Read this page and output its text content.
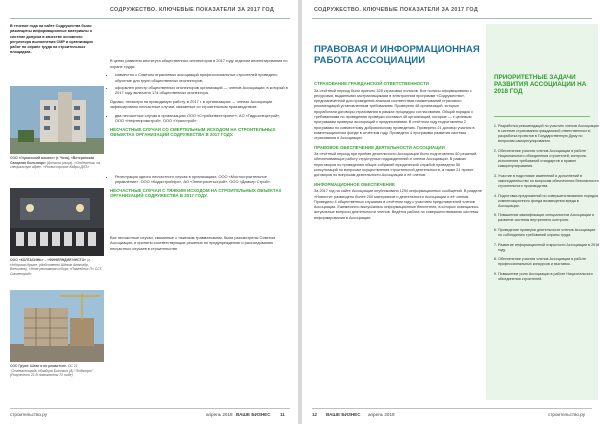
СОДРУЖЕСТВО. КЛЮЧЕВЫЕ ПОКАЗАТЕЛИ ЗА 2017 ГОД

В течение года на сайте Содружества были размещены информационные материалы о системе допуска в качестве основного регулятора выполнения СМР и организации работ по охране труда на строительных площадках.

СОО «Гермесский альянс» (г. Чита), «Ветеранская Сахарная Больница» (Ахтына улица). «Отделения, на специальную адрес: «Росвиссорское Кадры ДЛЗ»
ООО «КОЛГАСИНЬ» – «ФИНЛЯНДИЯ ИНСТО» (г. Ноборная Ирыне, удобственно Шёвом Алексадр, Внешнюю), «Нове рекламная осборь «Павлейнос П» ССТ, Смоленград»
СОС Групп: Штан и по ремаэтеле. ОС 21 "Стаемьтоцюдь обчайцов Бостаин (А) "Подносрт" (Ровунтеот 21 В помоглинны 72 лиде)

В целях развития института общественных инспекторов в 2017 году отделом инспектирования по охране труда:

• совместно с Советом отраслевых ассоциаций профессиональных строителей проведено обучение для групп общественных инспекторов;
• оформлен реестр общественных инспекторов организаций — членов Ассоциации, в который в 2017 году включено 174 общественных инспектора.

Однако, несмотря на проводимую работу, в 2017 г. в организациях — членах Ассоциации зафиксировано несчастные случаи, связанные со строительным производством:

• два несчастных случая в организациях ООО «Стройинвестпроект», АО «Гидроспецстрой», ООО «Нефтепромстрой», ООО «Уралстрой».
НЕСЧАСТНЫЕ СЛУЧАИ СО СМЕРТЕЛЬНЫМ ИСХОДОМ НА СТРОИТЕЛЬНЫХ ОБЪЕКТАХ ОРГАНИЗАЦИЙ СОДРУЖЕСТВА В 2017 ГОДУ.
• Регистрация одного несчастного случая в организациях: ООО «Мостостроительное управление», ООО «Кодыстройпро», АО «Электросетьстрой», ООО «Демьер Строй».
НЕСЧАСТНЫЕ СЛУЧАИ С ТЯЖКИМ ИСХОДОМ НА СТРОИТЕЛЬНЫХ ОБЪЕКТАХ ОРГАНИЗАЦИЙ СОДРУЖЕСТВА В 2017 ГОДУ.

Все несчастные случаи, связанные с тяжелым травматизмом, были рассмотрены Советом Ассоциации, и приняты соответствующие решения по предупреждению и расследованию несчастных случаев в строительстве.

строительство.ру	апрель 2018 ВАШЕ БИЗНЕС 11
СОДРУЖЕСТВО. КЛЮЧЕВЫЕ ПОКАЗАТЕЛИ ЗА 2017 ГОД
ПРАВОВАЯ И ИНФОРМАЦИОННАЯ РАБОТА АССОЦИАЦИИ
СТРАХОВАНИЕ ГРАЖДАНСКОЙ ОТВЕТСТВЕННОСТИ

За отчётный период было принято 328 страховых полисов. Все полисы сформированы с ресурсами, выданными застраховщиками в электронном программе «Содружество», предназначенной для проведения анализа соответствия наименований страхового рекомендаций установленным требованиям. Проверено 48 организаций, которые проработали договоры страхования в рамках процедуры согласования. Общий порядок с требованиями по проведению проверки составил 48 организаций, которые — с целевым программам проверки ассоциаций с предписаниями. В отчётном году подготовлены 2 программы по совместному добровольному проведению. Проверено 21 договор участия в компенсационном фонде в отчётном году. Проведено 4 программы развития системы страхования в Ассоциации.

ПРАВОВОЕ ОБЕСПЕЧЕНИЕ ДЕЯТЕЛЬНОСТИ АССОЦИАЦИИ

За отчётный период при приёме деятельности Ассоциации было подготовлено 60 решений, обеспечивающих работу структурных подразделений и членов Ассоциации. В рамках переговоров по проведению общих собраний юридической службой проведено 56 консультаций по вопросам осуществления строительной деятельности, а также 21 проект договоров по вопросам деятельности Ассоциации и её членов.

ИНФОРМАЦИОННОЕ ОБЕСПЕЧЕНИЕ

За 2017 год на сайте Ассоциации опубликовано 1200 информационных сообщений. В разделе «Новости» размещено более 200 материалов о деятельности Ассоциации и её членов. Проведено 4 общественных слушания в отчётном году с участием представителей членов Ассоциации. Ежемесячно выпускались информационные бюллетени, в которых освещались актуальные вопросы деятельности членов. Ведётся работа по совершенствованию системы информирования в Ассоциации.

ПРИОРИТЕТНЫЕ ЗАДАЧИ РАЗВИТИЯ АССОЦИАЦИИ НА 2018 ГОД
1. Разработка рекомендаций по участию членов Ассоциации в системе страхования гражданской ответственности; разработка проектов в Государственную Думу по вопросам саморегулирования.
2. Обеспечение участия членов Ассоциации в работе Национального объединения строителей; контроль исполнения требований стандартов и правил саморегулирования.
3. Участие в подготовке изменений и дополнений в законодательство по вопросам обеспечения безопасности строительного производства.
4. Подготовка предложений по совершенствованию порядка компенсационного фонда возмещения вреда в Ассоциации.
5. Повышение квалификации специалистов Ассоциации и развитие системы внутреннего контроля.
6. Проведение проверки деятельности членов Ассоциации по соблюдению требований охраны труда.
7. Развитие информационной открытости Ассоциации в 2018 году.
8. Обеспечение участия членов Ассоциации в работе профессиональных конкурсов и выставок.
9. Повышение роли Ассоциации в работе Национального объединения строителей.
12 ВАШЕ БИЗНЕС апрель 2018	строительство.ру
